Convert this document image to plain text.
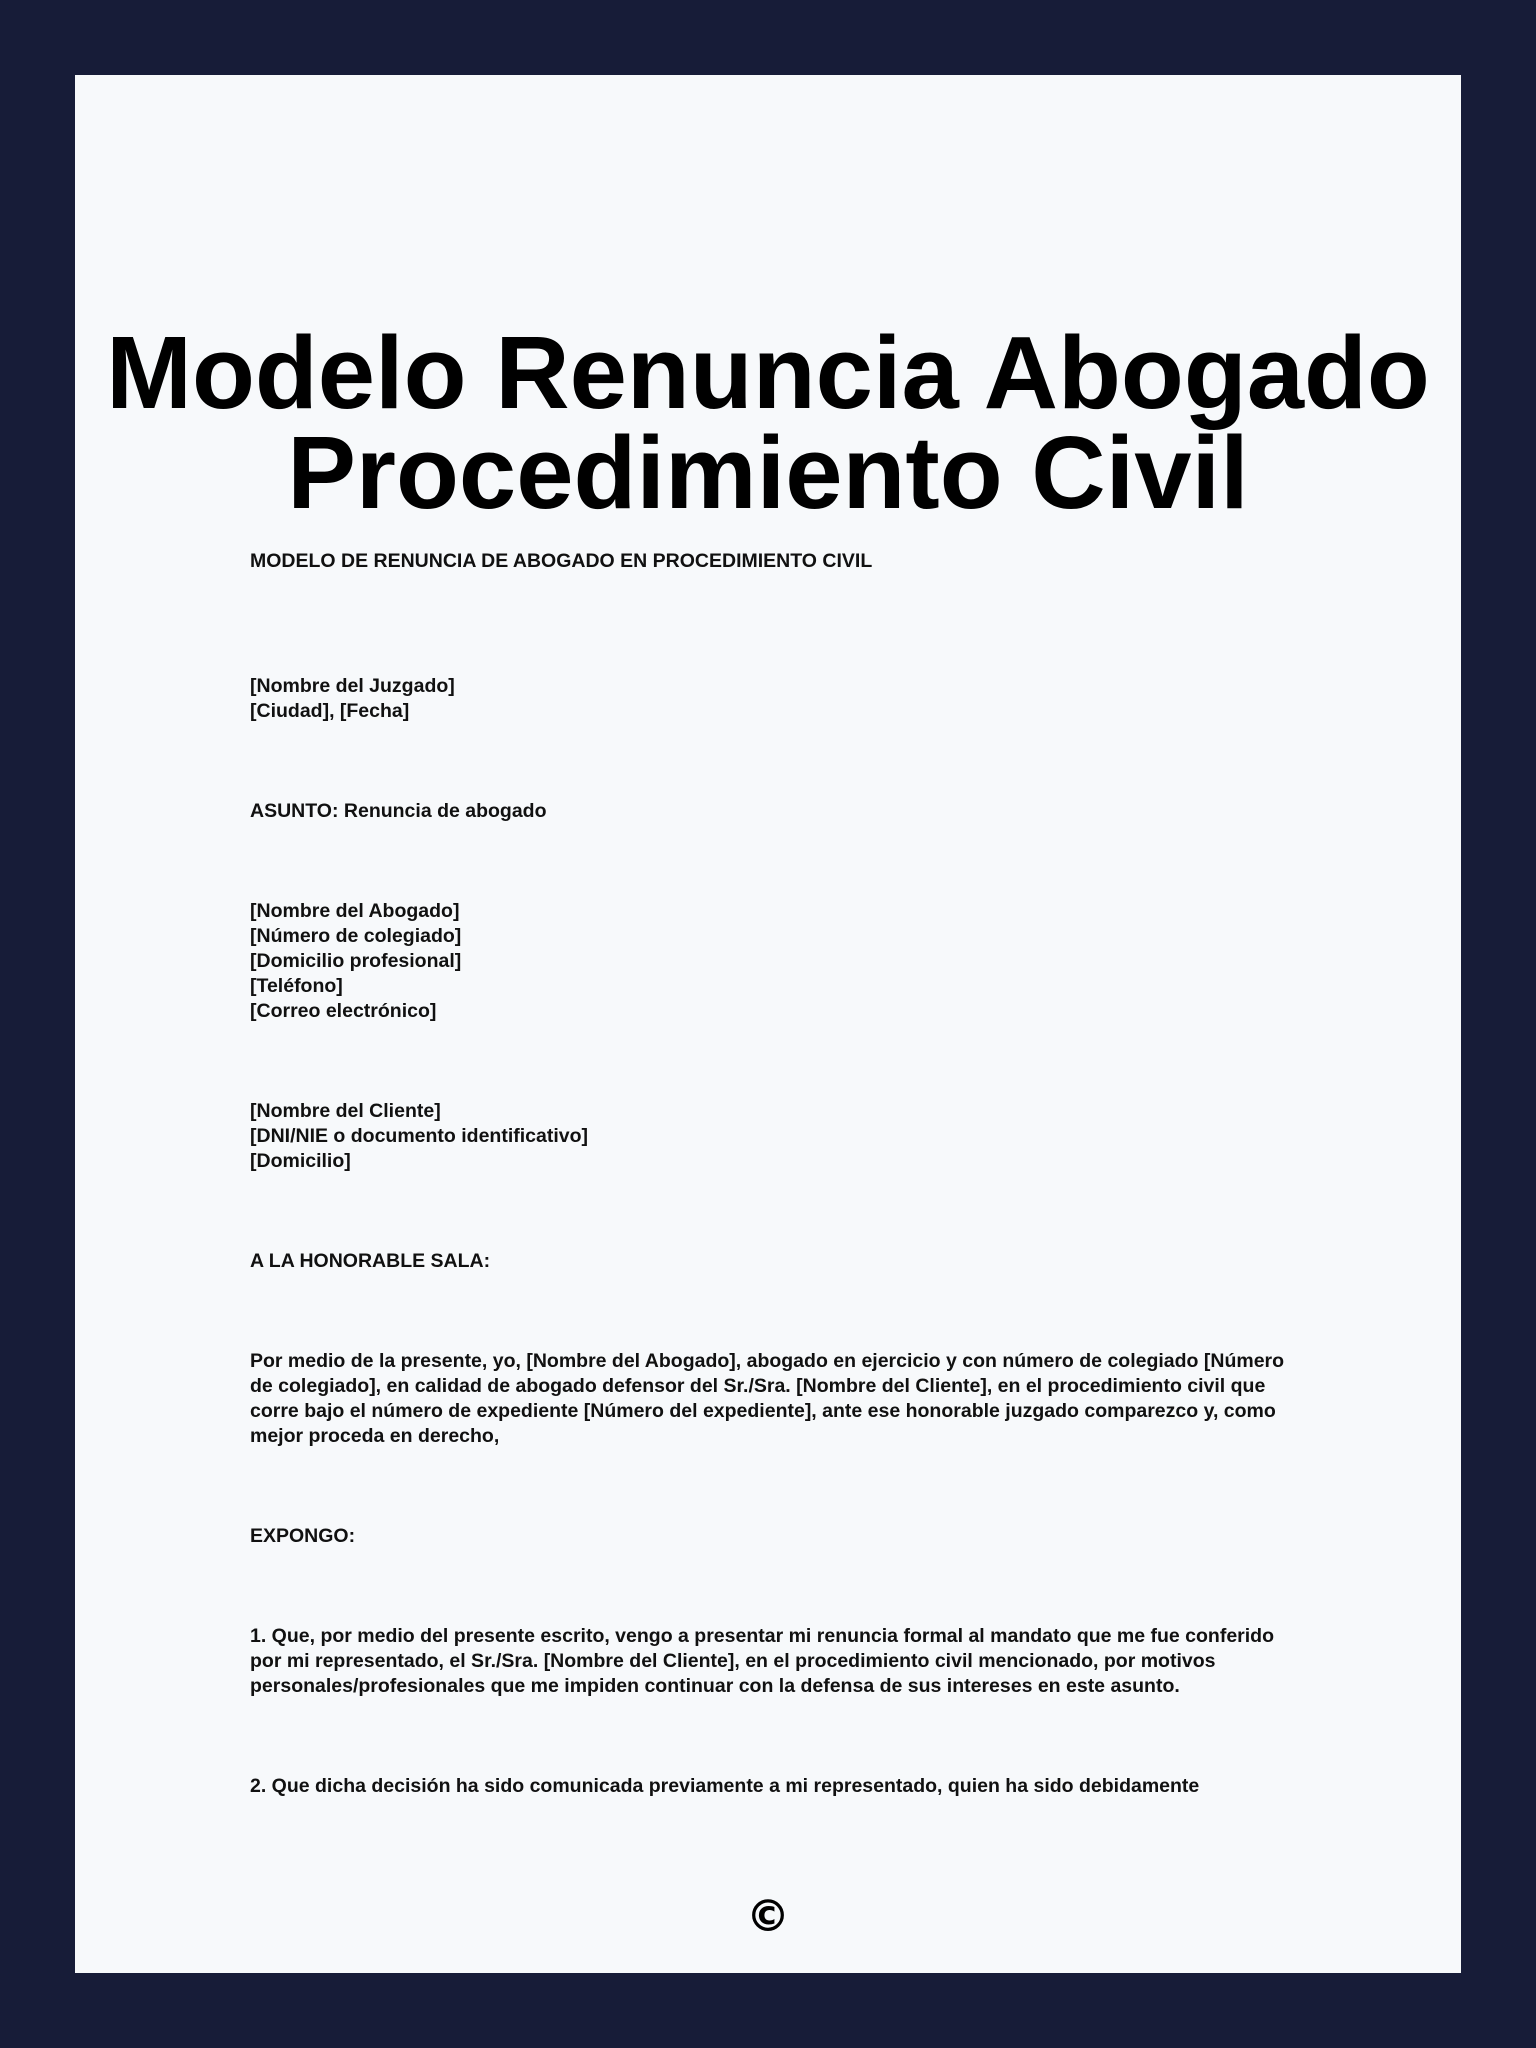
Modelo Renuncia Abogado
Procedimiento Civil
MODELO DE RENUNCIA DE ABOGADO EN PROCEDIMIENTO CIVIL
[Nombre del Juzgado]
[Ciudad], [Fecha]
ASUNTO: Renuncia de abogado
[Nombre del Abogado]
[Número de colegiado]
[Domicilio profesional]
[Teléfono]
[Correo electrónico]
[Nombre del Cliente]
[DNI/NIE o documento identificativo]
[Domicilio]
A LA HONORABLE SALA:
Por medio de la presente, yo, [Nombre del Abogado], abogado en ejercicio y con número de colegiado [Número de colegiado], en calidad de abogado defensor del Sr./Sra. [Nombre del Cliente], en el procedimiento civil que corre bajo el número de expediente [Número del expediente], ante ese honorable juzgado comparezco y, como mejor proceda en derecho,
EXPONGO:
1. Que, por medio del presente escrito, vengo a presentar mi renuncia formal al mandato que me fue conferido por mi representado, el Sr./Sra. [Nombre del Cliente], en el procedimiento civil mencionado, por motivos personales/profesionales que me impiden continuar con la defensa de sus intereses en este asunto.
2. Que dicha decisión ha sido comunicada previamente a mi representado, quien ha sido debidamente
©
